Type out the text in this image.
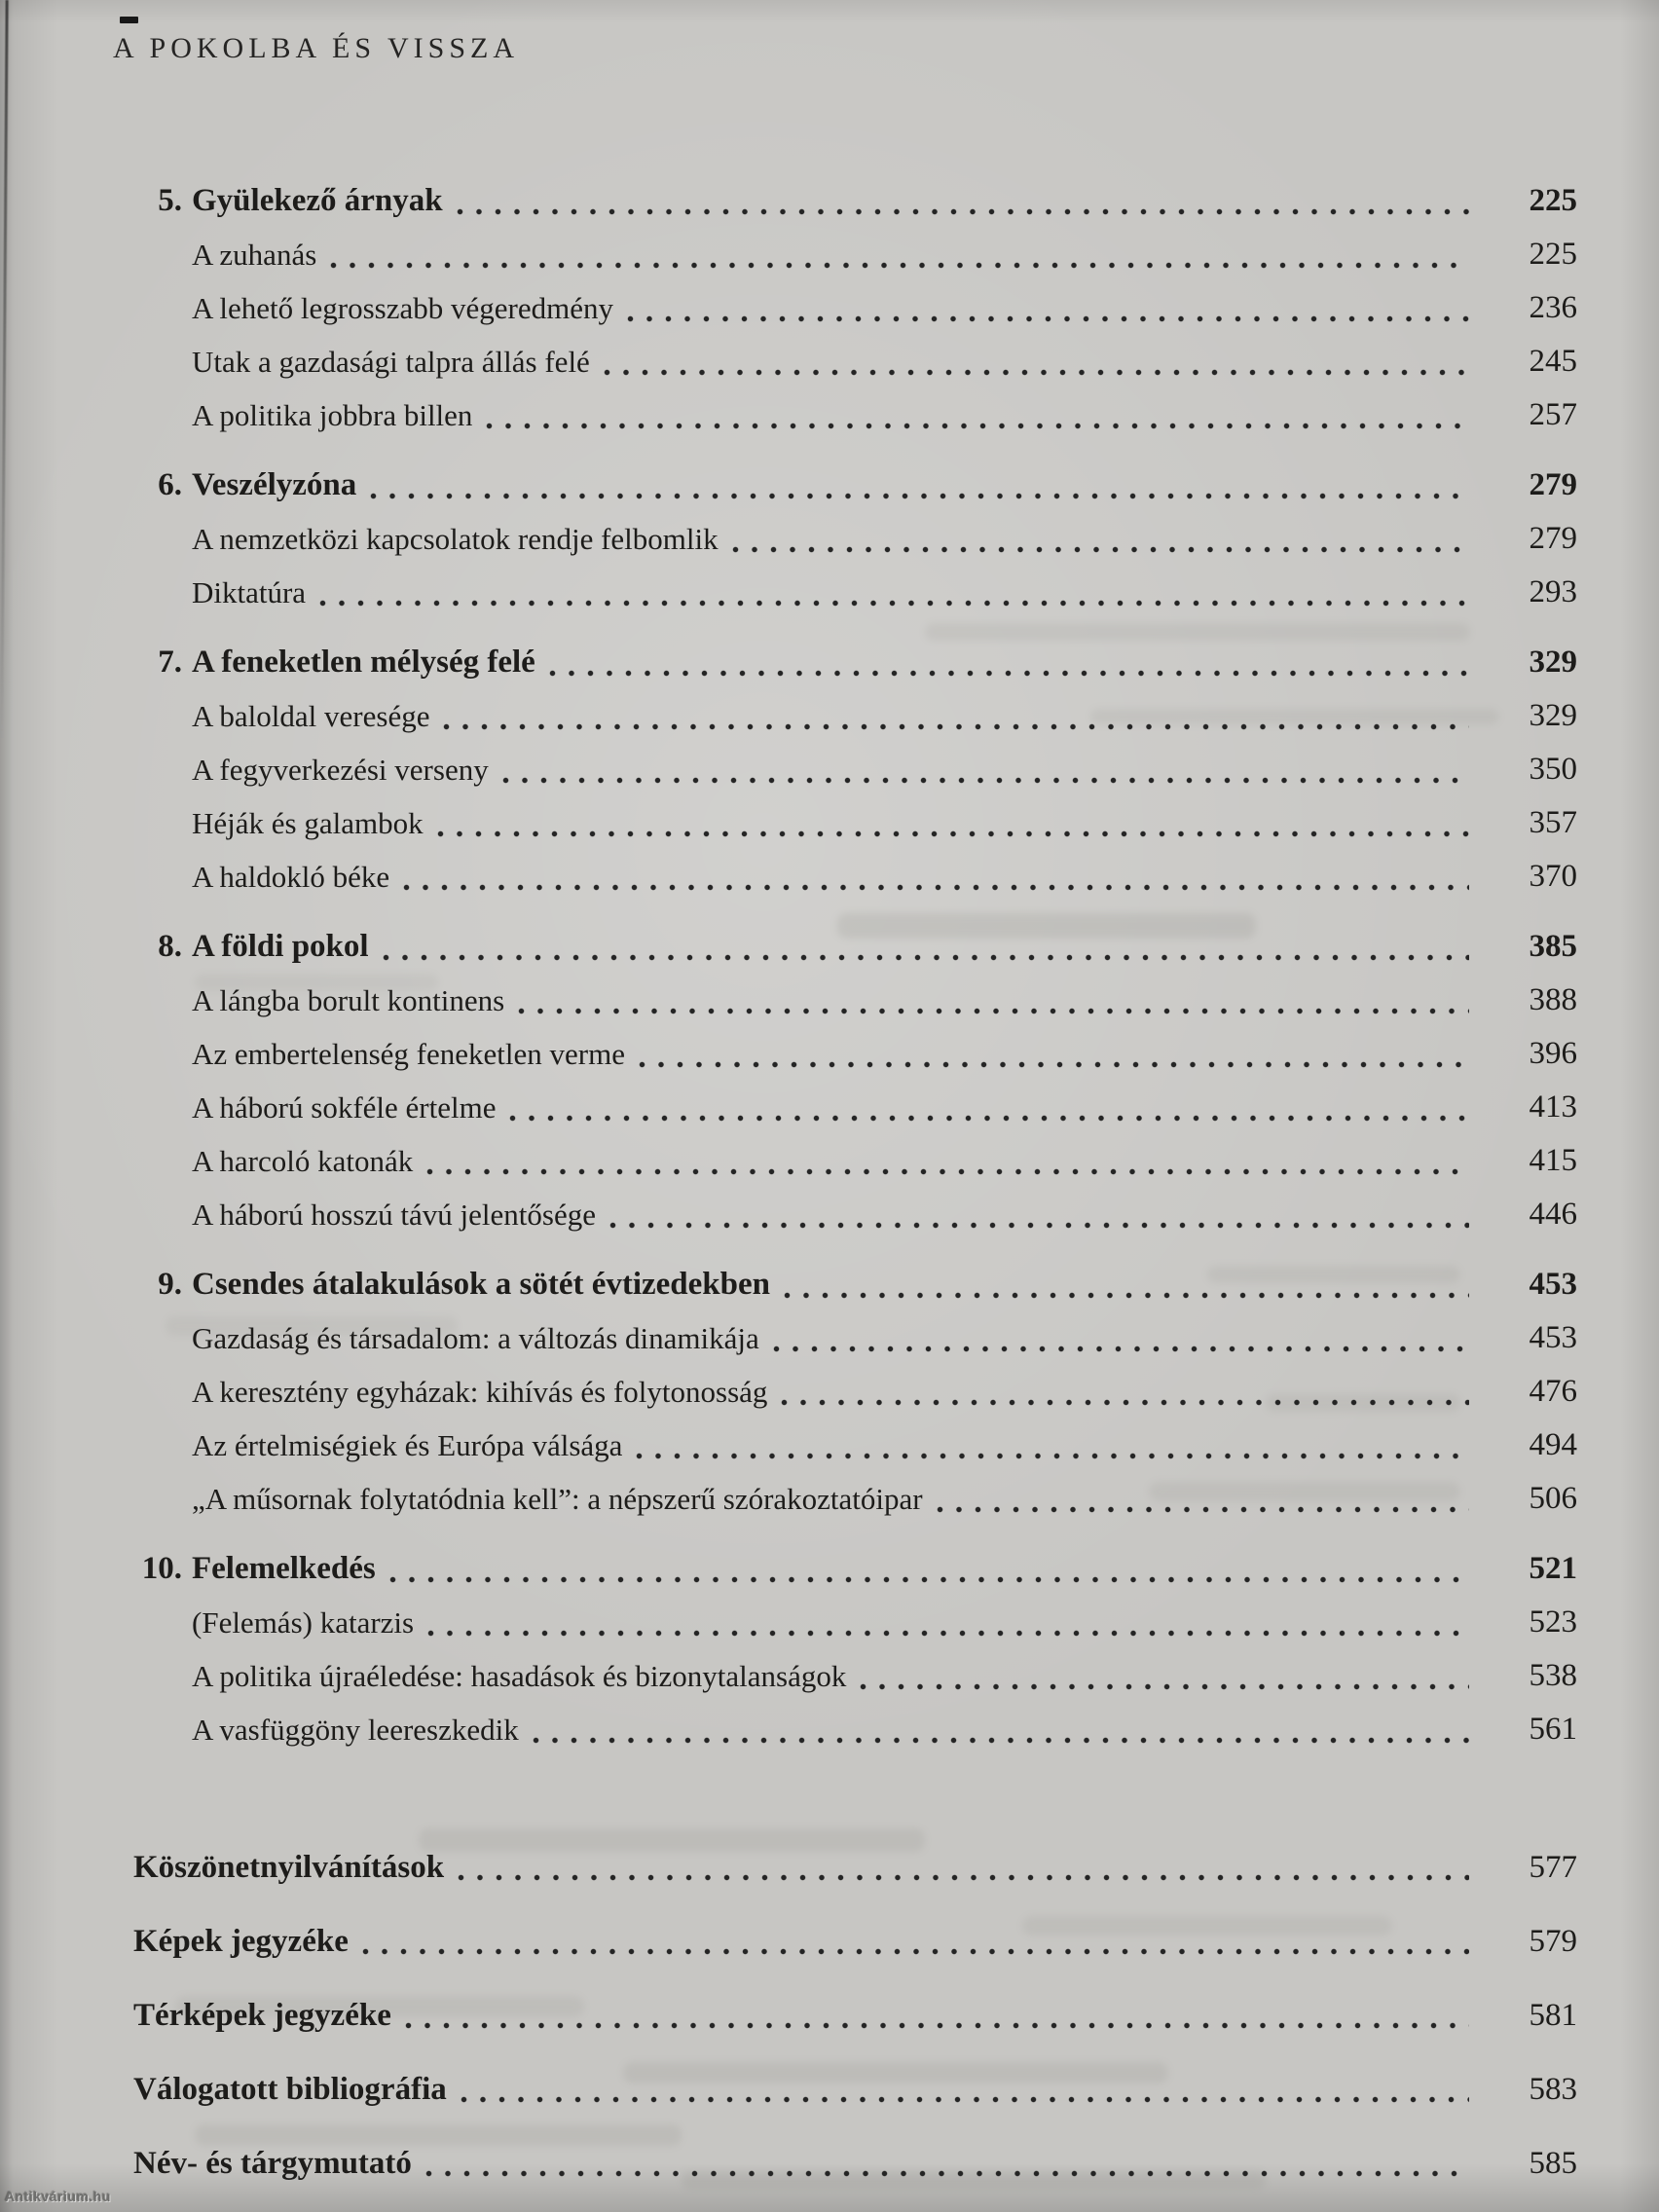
A POKOLBA ÉS VISSZA
5. Gyülekező árnyak	225
A zuhanás	225
A lehető legrosszabb végeredmény	236
Utak a gazdasági talpra állás felé	245
A politika jobbra billen	257
6. Veszélyzóna	279
A nemzetközi kapcsolatok rendje felbomlik	279
Diktatúra	293
7. A feneketlen mélység felé	329
A baloldal veresége	329
A fegyverkezési verseny	350
Héják és galambok	357
A haldokló béke	370
8. A földi pokol	385
A lángba borult kontinens	388
Az embertelenség feneketlen verme	396
A háború sokféle értelme	413
A harcoló katonák	415
A háború hosszú távú jelentősége	446
9. Csendes átalakulások a sötét évtizedekben	453
Gazdaság és társadalom: a változás dinamikája	453
A keresztény egyházak: kihívás és folytonosság	476
Az értelmiségiek és Európa válsága	494
„A műsornak folytatódnia kell”: a népszerű szórakoztatóipar	506
10. Felemelkedés	521
(Felemás) katarzis	523
A politika újraéledése: hasadások és bizonytalanságok	538
A vasfüggöny leereszkedik	561
Köszönetnyilvánítások	577
Képek jegyzéke	579
Térképek jegyzéke	581
Válogatott bibliográfia	583
Név- és tárgymutató	585
Antikvárium.hu
